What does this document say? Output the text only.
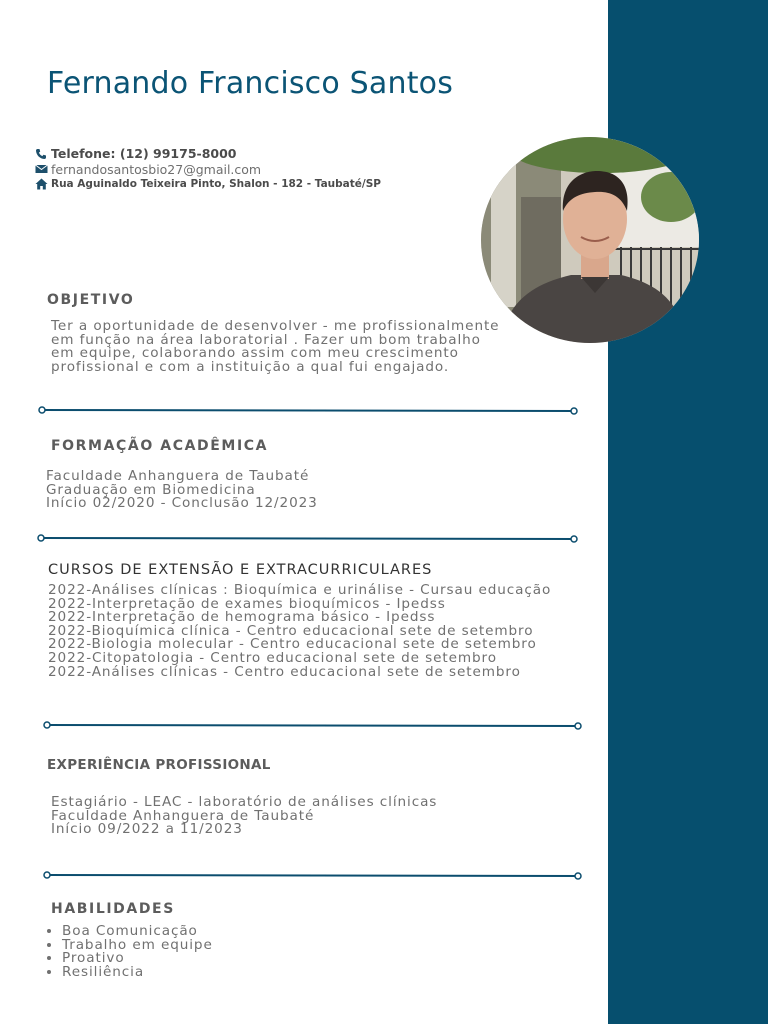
Fernando Francisco Santos
Telefone: (12) 99175-8000
fernandosantosbio27@gmail.com
Rua Aguinaldo Teixeira Pinto, Shalon - 182 - Taubaté/SP
OBJETIVO
Ter a oportunidade de desenvolver - me profissionalmente
em função na área laboratorial . Fazer um bom trabalho
em equipe, colaborando assim com meu crescimento
profissional e com a instituição a qual fui engajado.
FORMAÇÃO ACADÊMICA
Faculdade Anhanguera de Taubaté
Graduação em Biomedicina
Início 02/2020 - Conclusão 12/2023
CURSOS DE EXTENSÃO E EXTRACURRICULARES
2022-Análises clínicas : Bioquímica e urinálise - Cursau educação
2022-Interpretação de exames bioquímicos - Ipedss
2022-Interpretação de hemograma básico - Ipedss
2022-Bioquímica clínica - Centro educacional sete de setembro
2022-Biologia molecular - Centro educacional sete de setembro
2022-Citopatologia - Centro educacional sete de setembro
2022-Análises clínicas - Centro educacional sete de setembro
EXPERIÊNCIA PROFISSIONAL
Estagiário - LEAC - laboratório de análises clínicas
Faculdade Anhanguera de Taubaté
Início 09/2022 a 11/2023
HABILIDADES
• Boa Comunicação
• Trabalho em equipe
• Proativo
• Resiliência
